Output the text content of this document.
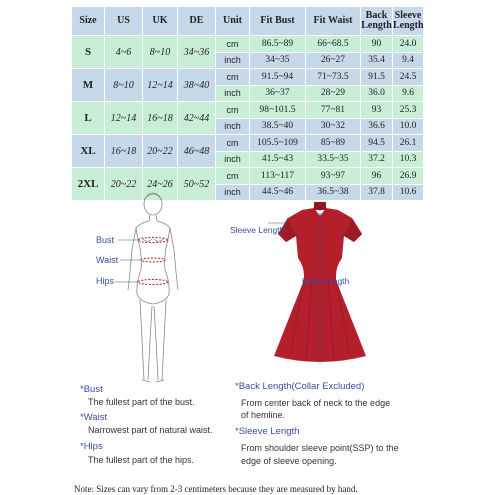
Size	US	UK	DE	Unit	Fit Bust	Fit Waist	Back Length	Sleeve Length
S	4~6	8~10	34~36	cm	86.5~89	66~68.5	90	24.0
				inch	34~35	26~27	35.4	9.4
M	8~10	12~14	38~40	cm	91.5~94	71~73.5	91.5	24.5
				inch	36~37	28~29	36.0	9.6
L	12~14	16~18	42~44	cm	98~101.5	77~81	93	25.3
				inch	38.5~40	30~32	36.6	10.0
XL	16~18	20~22	46~48	cm	105.5~109	85~89	94.5	26.1
				inch	41.5~43	33.5~35	37.2	10.3
2XL	20~22	24~26	50~52	cm	113~117	93~97	96	26.9
				inch	44.5~46	36.5~38	37.8	10.6
Bust
Waist
Hips
Sleeve Length
Back Length
*Bust
The fullest part of the bust.
*Waist
Narrowest part of natural waist.
*Hips
The fullest part of the hips.
*Back Length(Collar Excluded)
From center back of neck to the edge
of hemline.
*Sleeve Length
From shoulder sleeve point(SSP) to the
edge of sleeve opening.
Note: Sizes can vary from 2-3 centimeters because they are measured by hand.
